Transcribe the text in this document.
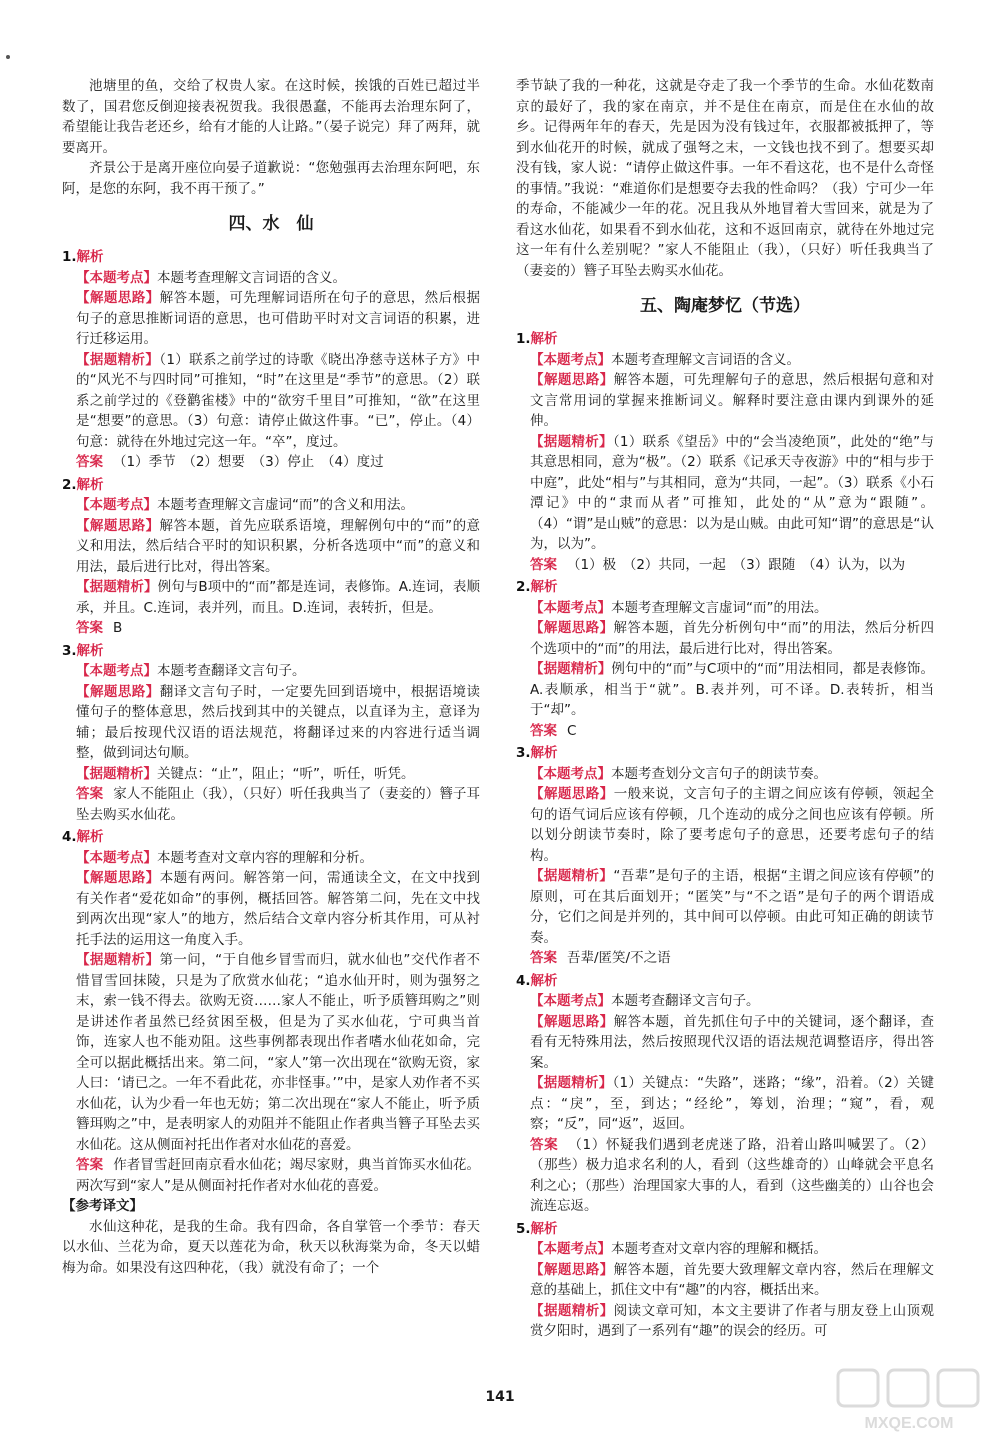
池塘里的鱼，交给了权贵人家。在这时候，挨饿的百姓已超过半数了，国君您反倒迎接表祝贺我。我很愚蠢，不能再去治理东阿了，希望能让我告老还乡，给有才能的人让路。”（晏子说完）拜了两拜，就要离开。

齐景公于是离开座位向晏子道歉说：“您勉强再去治理东阿吧，东阿，是您的东阿，我不再干预了。”

四、水　仙
1.解析

【本题考点】本题考查理解文言词语的含义。

【解题思路】解答本题，可先理解词语所在句子的意思，然后根据句子的意思推断词语的意思，也可借助平时对文言词语的积累，进行迁移运用。

【据题精析】（1）联系之前学过的诗歌《晓出净慈寺送林子方》中的“风光不与四时同”可推知，“时”在这里是“季节”的意思。（2）联系之前学过的《登鹳雀楼》中的“欲穷千里目”可推知，“欲”在这里是“想要”的意思。（3）句意：请停止做这件事。“已”，停止。（4）句意：就待在外地过完这一年。“卒”，度过。

答案 （1）季节　（2）想要　（3）停止　（4）度过

2.解析

【本题考点】本题考查理解文言虚词“而”的含义和用法。

【解题思路】解答本题，首先应联系语境，理解例句中的“而”的意义和用法，然后结合平时的知识积累，分析各选项中“而”的意义和用法，最后进行比对，得出答案。

【据题精析】例句与B项中的“而”都是连词，表修饰。A.连词，表顺承，并且。C.连词，表并列，而且。D.连词，表转折，但是。

答案 B

3.解析

【本题考点】本题考查翻译文言句子。

【解题思路】翻译文言句子时，一定要先回到语境中，根据语境读懂句子的整体意思，然后找到其中的关键点，以直译为主，意译为辅；最后按现代汉语的语法规范，将翻译过来的内容进行适当调整，做到词达句顺。

【据题精析】关键点：“止”，阻止；“听”，听任，听凭。

答案 家人不能阻止（我），（只好）听任我典当了（妻妾的）簪子耳坠去购买水仙花。

4.解析

【本题考点】本题考查对文章内容的理解和分析。

【解题思路】本题有两问。解答第一问，需通读全文，在文中找到有关作者“爱花如命”的事例，概括回答。解答第二问，先在文中找到两次出现“家人”的地方，然后结合文章内容分析其作用，可从衬托手法的运用这一角度入手。

【据题精析】第一问，“于自他乡冒雪而归，就水仙也”交代作者不惜冒雪回抹陵，只是为了欣赏水仙花；“追水仙开时，则为强努之末，索一钱不得去。欲购无资……家人不能止，听予质簪珥购之”则是讲述作者虽然已经贫困至极，但是为了买水仙花，宁可典当首饰，连家人也不能劝阻。这些事例都表现出作者嗜水仙花如命，完全可以据此概括出来。第二问，“家人”第一次出现在“欲购无资，家人曰：‘请已之。一年不看此花，亦非怪事。’”中，是家人劝作者不买水仙花，认为少看一年也无妨；第二次出现在“家人不能止，听予质簪珥购之”中，是表明家人的劝阻并不能阻止作者典当簪子耳坠去买水仙花。这从侧面衬托出作者对水仙花的喜爱。

答案 作者冒雪赶回南京看水仙花；竭尽家财，典当首饰买水仙花。两次写到“家人”是从侧面衬托作者对水仙花的喜爱。

【参考译文】

水仙这种花，是我的生命。我有四命，各自掌管一个季节：春天以水仙、兰花为命，夏天以莲花为命，秋天以秋海棠为命，冬天以蜡梅为命。如果没有这四种花，（我）就没有命了；一个

季节缺了我的一种花，这就是夺走了我一个季节的生命。水仙花数南京的最好了，我的家在南京，并不是住在南京，而是住在水仙的故乡。记得两年年的春天，先是因为没有钱过年，衣服都被抵押了，等到水仙花开的时候，就成了强弩之末，一文钱也找不到了。想要买却没有钱，家人说：“请停止做这件事。一年不看这花，也不是什么奇怪的事情。”我说：“难道你们是想要夺去我的性命吗？（我）宁可少一年的寿命，不能减少一年的花。况且我从外地冒着大雪回来，就是为了看这水仙花，如果看不到水仙花，这和不返回南京，就待在外地过完这一年有什么差别呢？”家人不能阻止（我），（只好）听任我典当了（妻妾的）簪子耳坠去购买水仙花。

五、陶庵梦忆（节选）
1.解析

【本题考点】本题考查理解文言词语的含义。

【解题思路】解答本题，可先理解句子的意思，然后根据句意和对文言常用词的掌握来推断词义。解释时要注意由课内到课外的延伸。

【据题精析】（1）联系《望岳》中的“会当凌绝顶”，此处的“绝”与其意思相同，意为“极”。（2）联系《记承天寺夜游》中的“相与步于中庭”，此处“相与”与其相同，意为“共同，一起”。（3）联系《小石潭记》中的“隶而从者”可推知，此处的“从”意为“跟随”。（4）“谓”是山贼”的意思：以为是山贼。由此可知“谓”的意思是“认为，以为”。

答案 （1）极　（2）共同，一起　（3）跟随　（4）认为，以为

2.解析

【本题考点】本题考查理解文言虚词“而”的用法。

【解题思路】解答本题，首先分析例句中“而”的用法，然后分析四个选项中的“而”的用法，最后进行比对，得出答案。

【据题精析】例句中的“而”与C项中的“而”用法相同，都是表修饰。A.表顺承，相当于“就”。B.表并列，可不译。D.表转折，相当于“却”。

答案 C

3.解析

【本题考点】本题考查划分文言句子的朗读节奏。

【解题思路】一般来说，文言句子的主谓之间应该有停顿，领起全句的语气词后应该有停顿，几个连动的成分之间也应该有停顿。所以划分朗读节奏时，除了要考虑句子的意思，还要考虑句子的结构。

【据题精析】“吾辈”是句子的主语，根据“主谓之间应该有停顿”的原则，可在其后面划开；“匿笑”与“不之语”是句子的两个谓语成分，它们之间是并列的，其中间可以停顿。由此可知正确的朗读节奏。

答案 吾辈/匿笑/不之语

4.解析

【本题考点】本题考查翻译文言句子。

【解题思路】解答本题，首先抓住句子中的关键词，逐个翻译，查看有无特殊用法，然后按照现代汉语的语法规范调整语序，得出答案。

【据题精析】（1）关键点：“失路”，迷路；“缘”，沿着。（2）关键点：“戾”，至，到达；“经纶”，筹划，治理；“窥”，看，观察；“反”，同“返”，返回。

答案 （1）怀疑我们遇到老虎迷了路，沿着山路叫喊罢了。（2）（那些）极力追求名利的人，看到（这些雄奇的）山峰就会平息名利之心；（那些）治理国家大事的人，看到（这些幽美的）山谷也会流连忘返。

5.解析

【本题考点】本题考查对文章内容的理解和概括。

【解题思路】解答本题，首先要大致理解文章内容，然后在理解文意的基础上，抓住文中有“趣”的内容，概括出来。

【据题精析】阅读文章可知，本文主要讲了作者与朋友登上山顶观赏夕阳时，遇到了一系列有“趣”的误会的经历。可

141
MXQE.COM
